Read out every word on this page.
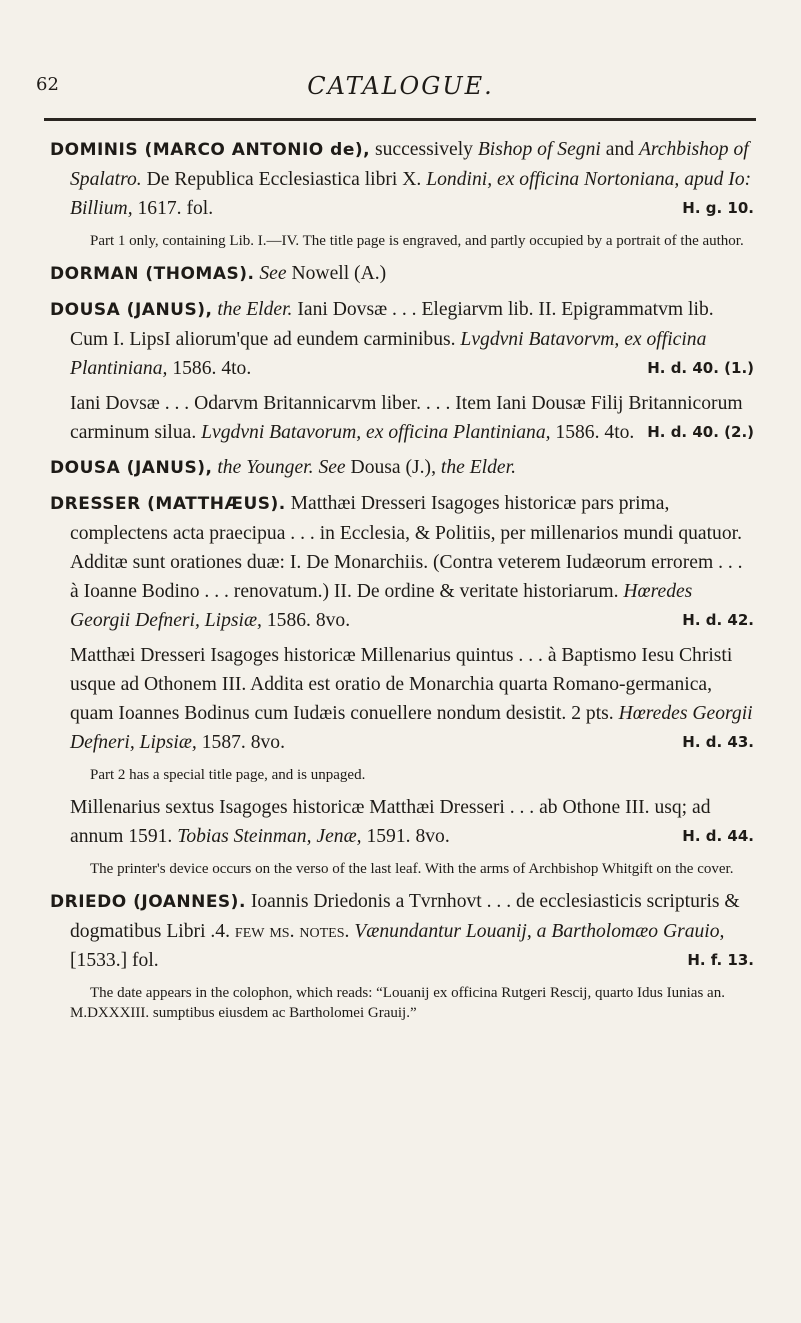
62	CATALOGUE.

DOMINIS (MARCO ANTONIO de), successively Bishop of Segni and Archbishop of Spalatro. De Republica Ecclesiastica libri X. Londini, ex officina Nortoniana, apud Io: Billium, 1617. fol.	H. g. 10.

Part 1 only, containing Lib. I.—IV. The title page is engraved, and partly occupied by a portrait of the author.

DORMAN (THOMAS). See Nowell (A.)

DOUSA (JANUS), the Elder. Iani Dovsæ . . . Elegiarvm lib. II. Epigrammatvm lib. Cum I. LipsI aliorum'que ad eundem carminibus. Lvgdvni Batavorvm, ex officina Plantiniana, 1586. 4to.	H. d. 40. (1.)

Iani Dovsæ . . . Odarvm Britannicarvm liber. . . . Item Iani Dousæ Filij Britannicorum carminum silua. Lvgdvni Batavorum, ex officina Plantiniana, 1586. 4to. H. d. 40. (2.)

DOUSA (JANUS), the Younger. See Dousa (J.), the Elder.

DRESSER (MATTHÆUS). Matthæi Dresseri Isagoges historicæ pars prima, complectens acta praecipua . . . in Ecclesia, & Politiis, per millenarios mundi quatuor. Additæ sunt orationes duæ: I. De Monarchiis. (Contra veterem Iudæorum errorem . . . à Ioanne Bodino . . . renovatum.) II. De ordine & veritate historiarum. Hœredes Georgii Defneri, Lipsiæ, 1586. 8vo.	H. d. 42.

Matthæi Dresseri Isagoges historicæ Millenarius quintus . . . à Baptismo Iesu Christi usque ad Othonem III. Addita est oratio de Monarchia quarta Romano-germanica, quam Ioannes Bodinus cum Iudæis conuellere nondum desistit. 2 pts. Hœredes Georgii Defneri, Lipsiæ, 1587. 8vo.	H. d. 43.

Part 2 has a special title page, and is unpaged.

Millenarius sextus Isagoges historicæ Matthæi Dresseri . . . ab Othone III. usq; ad annum 1591. Tobias Steinman, Jenæ, 1591. 8vo.	H. d. 44.

The printer's device occurs on the verso of the last leaf. With the arms of Archbishop Whitgift on the cover.

DRIEDO (JOANNES). Ioannis Driedonis a Tvrnhovt . . . de ecclesiasticis scripturis & dogmatibus Libri .4. few ms. notes. Vænundantur Louanij, a Bartholomæo Grauio, [1533.] fol.	H. f. 13.

The date appears in the colophon, which reads: “Louanij ex officina Rutgeri Rescij, quarto Idus Iunias an. M.DXXXIII. sumptibus eiusdem ac Bartholomei Grauij.”
